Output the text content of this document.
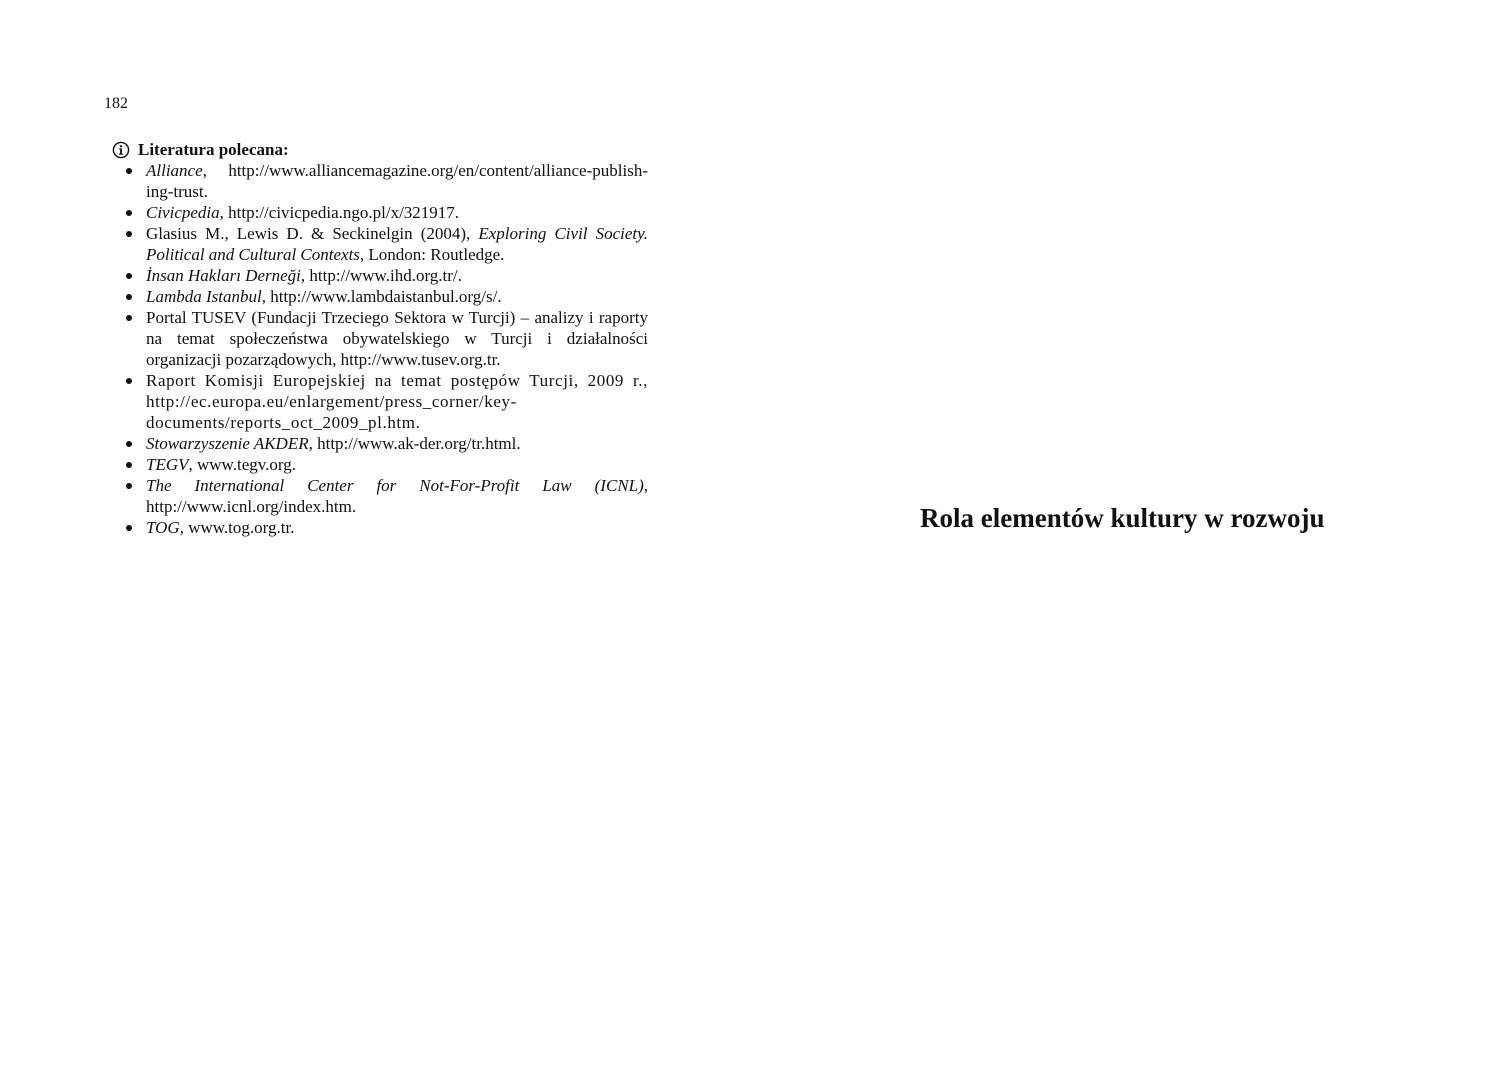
182
Literatura polecana:
Alliance, http://www.alliancemagazine.org/en/content/alliance-publish-ing-trust.
Civicpedia, http://civicpedia.ngo.pl/x/321917.
Glasius M., Lewis D. & Seckinelgin (2004), Exploring Civil Society. Political and Cultural Contexts, London: Routledge.
İnsan Hakları Derneği, http://www.ihd.org.tr/.
Lambda Istanbul, http://www.lambdaistanbul.org/s/.
Portal TUSEV (Fundacji Trzeciego Sektora w Turcji) – analizy i raporty na temat społeczeństwa obywatelskiego w Turcji i działalności organizacji pozarządowych, http://www.tusev.org.tr.
Raport Komisji Europejskiej na temat postępów Turcji, 2009 r., http://ec.europa.eu/enlargement/press_corner/key-documents/reports_oct_2009_pl.htm.
Stowarzyszenie AKDER, http://www.ak-der.org/tr.html.
TEGV, www.tegv.org.
The International Center for Not-For-Profit Law (ICNL), http://www.icnl.org/index.htm.
TOG, www.tog.org.tr.	Rola elementów kultury w rozwoju
